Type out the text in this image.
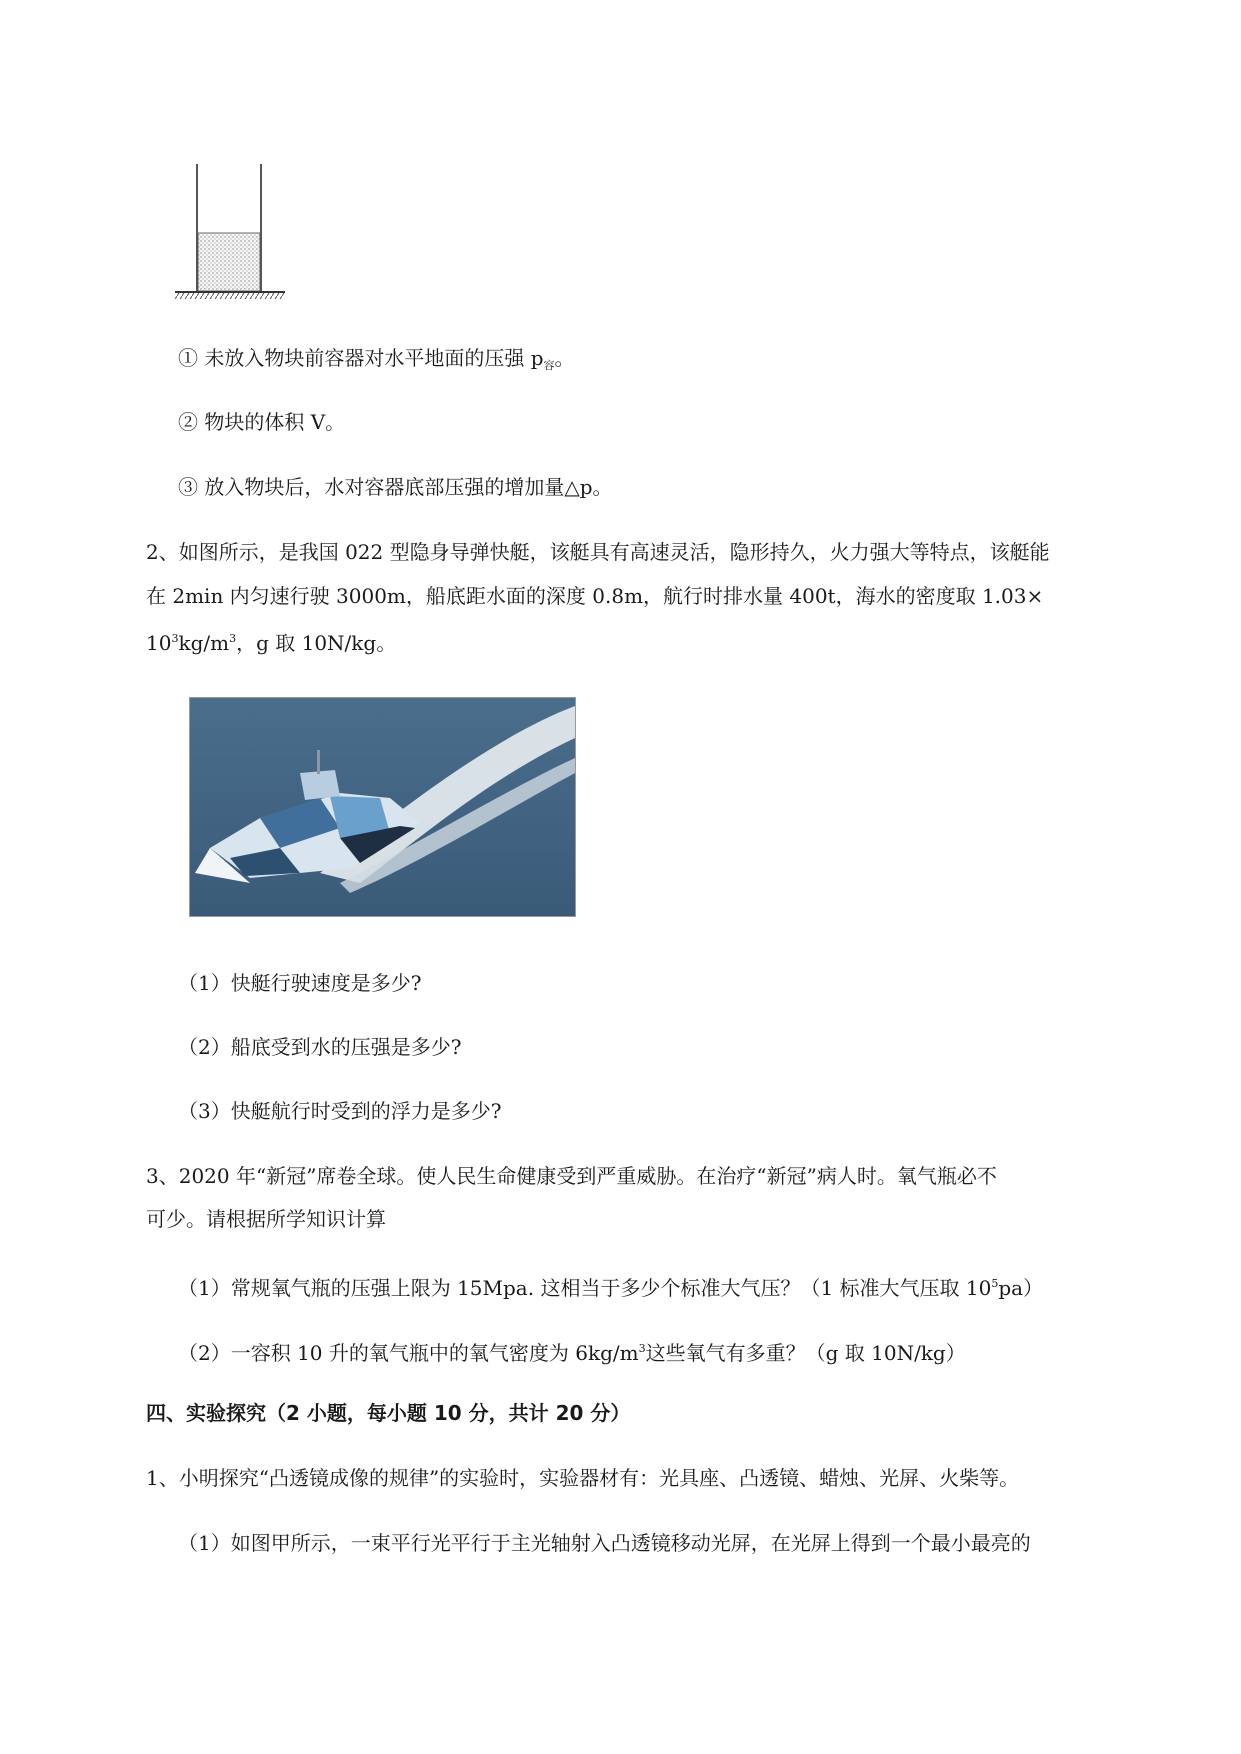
① 未放入物块前容器对水平地面的压强 $p_容$。
② 物块的体积 V。
③ 放入物块后，水对容器底部压强的增加量△p。
2、如图所示，是我国 022 型隐身导弹快艇，该艇具有高速灵活，隐形持久，火力强大等特点，该艇能
在 2min 内匀速行驶 3000m，船底距水面的深度 0.8m，航行时排水量 400t，海水的密度取 1.03×
$10^3kg/m^3$，g 取 10N/kg。
（1）快艇行驶速度是多少?
（2）船底受到水的压强是多少?
（3）快艇航行时受到的浮力是多少?
3、2020 年“新冠”席卷全球。使人民生命健康受到严重威胁。在治疗“新冠”病人时。氧气瓶必不
可少。请根据所学知识计算
（1）常规氧气瓶的压强上限为 15Mpa. 这相当于多少个标准大气压？（1 标准大气压取 $10^5pa$）
（2）一容积 10 升的氧气瓶中的氧气密度为 $6kg/m^3$这些氧气有多重？（g 取 10N/kg）
四、实验探究（2 小题，每小题 10 分，共计 20 分）
1、小明探究“凸透镜成像的规律”的实验时，实验器材有：光具座、凸透镜、蜡烛、光屏、火柴等。
（1）如图甲所示，一束平行光平行于主光轴射入凸透镜移动光屏，在光屏上得到一个最小最亮的
